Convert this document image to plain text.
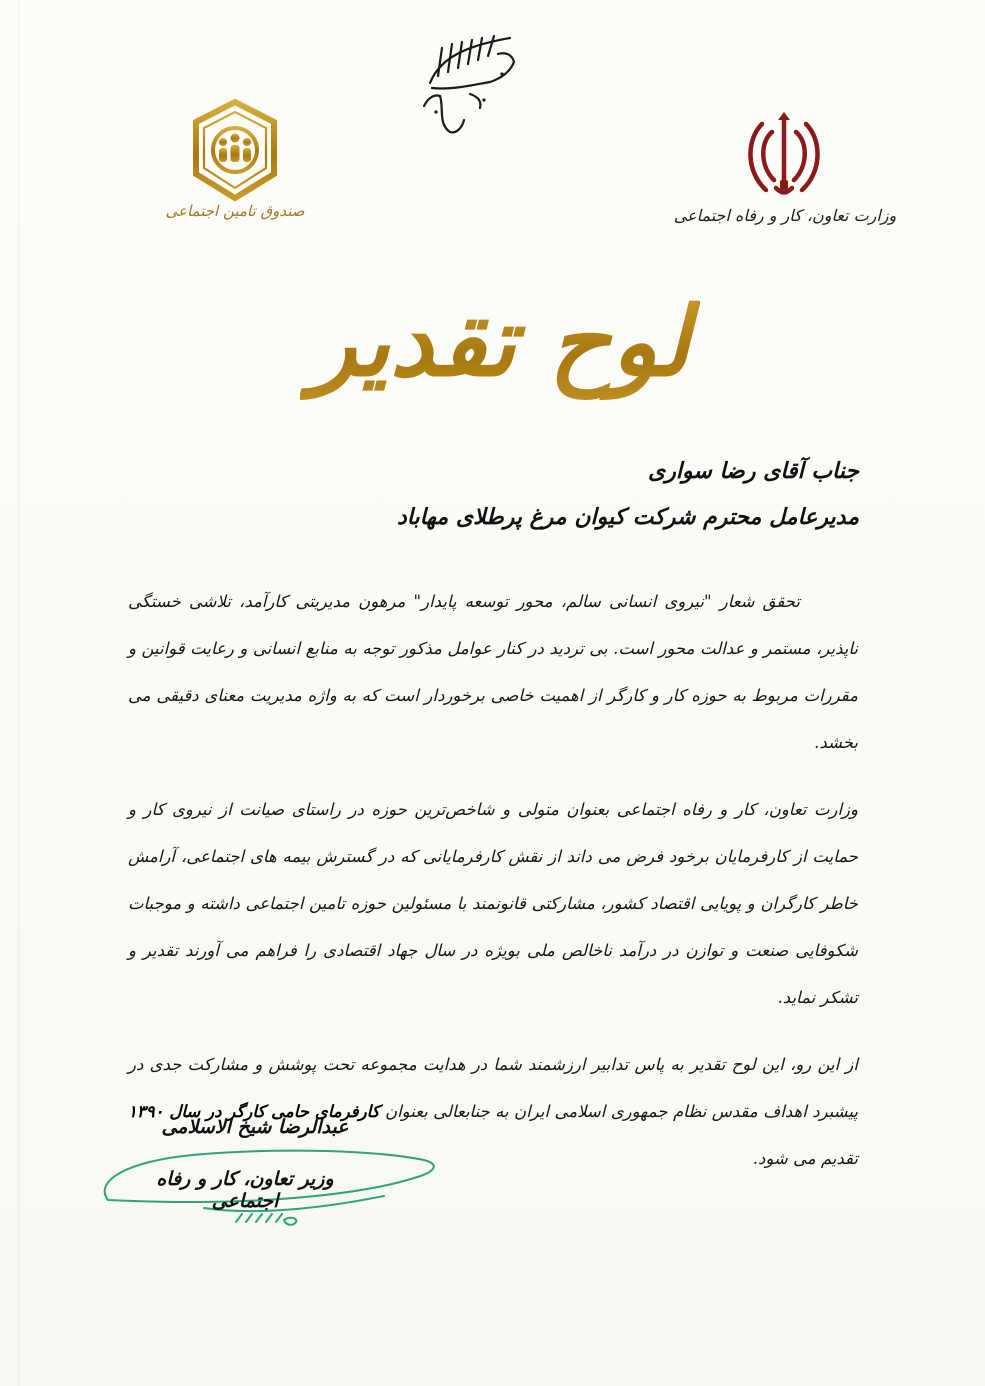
صندوق تامین اجتماعی	وزارت تعاون، کار و رفاه اجتماعی
لوح تقدیر
جناب آقای رضا سواری
مدیرعامل محترم شرکت کیوان مرغ پرطلای مهاباد

تحقق شعار "نیروی انسانی سالم، محور توسعه پایدار" مرهون مدیریتی کارآمد، تلاشی خستگی ناپذیر، مستمر و عدالت محور است. بی تردید در کنار عوامل مذکور توجه به منابع انسانی و رعایت قوانین و مقررات مربوط به حوزه کار و کارگر از اهمیت خاصی برخوردار است که به واژه مدیریت معنای دقیقی می بخشد.

وزارت تعاون، کار و رفاه اجتماعی بعنوان متولی و شاخص‌ترین حوزه در راستای صیانت از نیروی کار و حمایت از کارفرمایان برخود فرض می داند از نقش کارفرمایانی که در گسترش بیمه های اجتماعی، آرامش خاطر کارگران و پویایی اقتصاد کشور، مشارکتی قانونمند با مسئولین حوزه تامین اجتماعی داشته و موجبات شکوفایی صنعت و توازن در درآمد ناخالص ملی بویژه در سال جهاد اقتصادی را فراهم می آورند تقدیر و تشکر نماید.

از این رو، این لوح تقدیر به پاس تدابیر ارزشمند شما در هدایت مجموعه تحت پوشش و مشارکت جدی در پیشبرد اهداف مقدس نظام جمهوری اسلامی ایران به جنابعالی بعنوان کارفرمای حامی کارگر در سال ۱۳۹۰ تقدیم می شود.

عبدالرضا شیخ الاسلامی
وزیر تعاون، کار و رفاه اجتماعی
